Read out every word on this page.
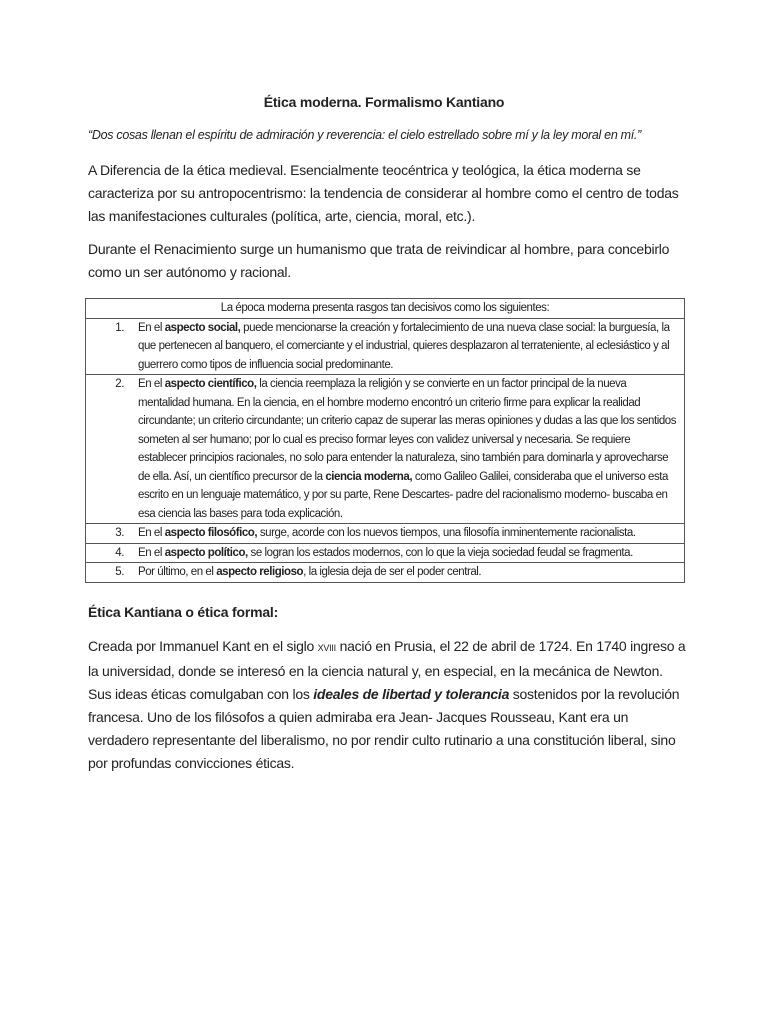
Ética moderna. Formalismo Kantiano
“Dos cosas llenan el espíritu de admiración y reverencia: el cielo estrellado sobre mí y la ley moral en mí.”
A Diferencia de la ética medieval. Esencialmente teocéntrica y teológica, la ética moderna se caracteriza por su antropocentrismo: la tendencia de considerar al hombre como el centro de todas las manifestaciones culturales (política, arte, ciencia, moral, etc.).
Durante el Renacimiento surge un humanismo que trata de reivindicar al hombre, para concebirlo como un ser autónomo y racional.
La época moderna presenta rasgos tan decisivos como los siguientes:	
1.	En el aspecto social, puede mencionarse la creación y fortalecimiento de una nueva clase social: la burguesía, la que pertenecen al banquero, el comerciante y el industrial, quieres desplazaron al terrateniente, al eclesiástico y al guerrero como tipos de influencia social predominante.
2.	En el aspecto científico, la ciencia reemplaza la religión y se convierte en un factor principal de la nueva mentalidad humana. En la ciencia, en el hombre moderno encontró un criterio firme para explicar la realidad circundante; un criterio circundante; un criterio capaz de superar las meras opiniones y dudas a las que los sentidos someten al ser humano; por lo cual es preciso formar leyes con validez universal y necesaria. Se requiere establecer principios racionales, no solo para entender la naturaleza, sino también para dominarla y aprovecharse de ella. Así, un científico precursor de la ciencia moderna, como Galileo Galilei, consideraba que el universo esta escrito en un lenguaje matemático, y por su parte, Rene Descartes- padre del racionalismo moderno- buscaba en esa ciencia las bases para toda explicación.
3.	En el aspecto filosófico, surge, acorde con los nuevos tiempos, una filosofía inminentemente racionalista.
4.	En el aspecto político, se logran los estados modernos, con lo que la vieja sociedad feudal se fragmenta.
5.	Por último, en el aspecto religioso, la iglesia deja de ser el poder central.
Ética Kantiana o ética formal:
Creada por Immanuel Kant en el siglo XVIII nació en Prusia, el 22 de abril de 1724. En 1740 ingreso a la universidad, donde se interesó en la ciencia natural y, en especial, en la mecánica de Newton. Sus ideas éticas comulgaban con los ideales de libertad y tolerancia sostenidos por la revolución francesa. Uno de los filósofos a quien admiraba era Jean- Jacques Rousseau, Kant era un verdadero representante del liberalismo, no por rendir culto rutinario a una constitución liberal, sino por profundas convicciones éticas.
